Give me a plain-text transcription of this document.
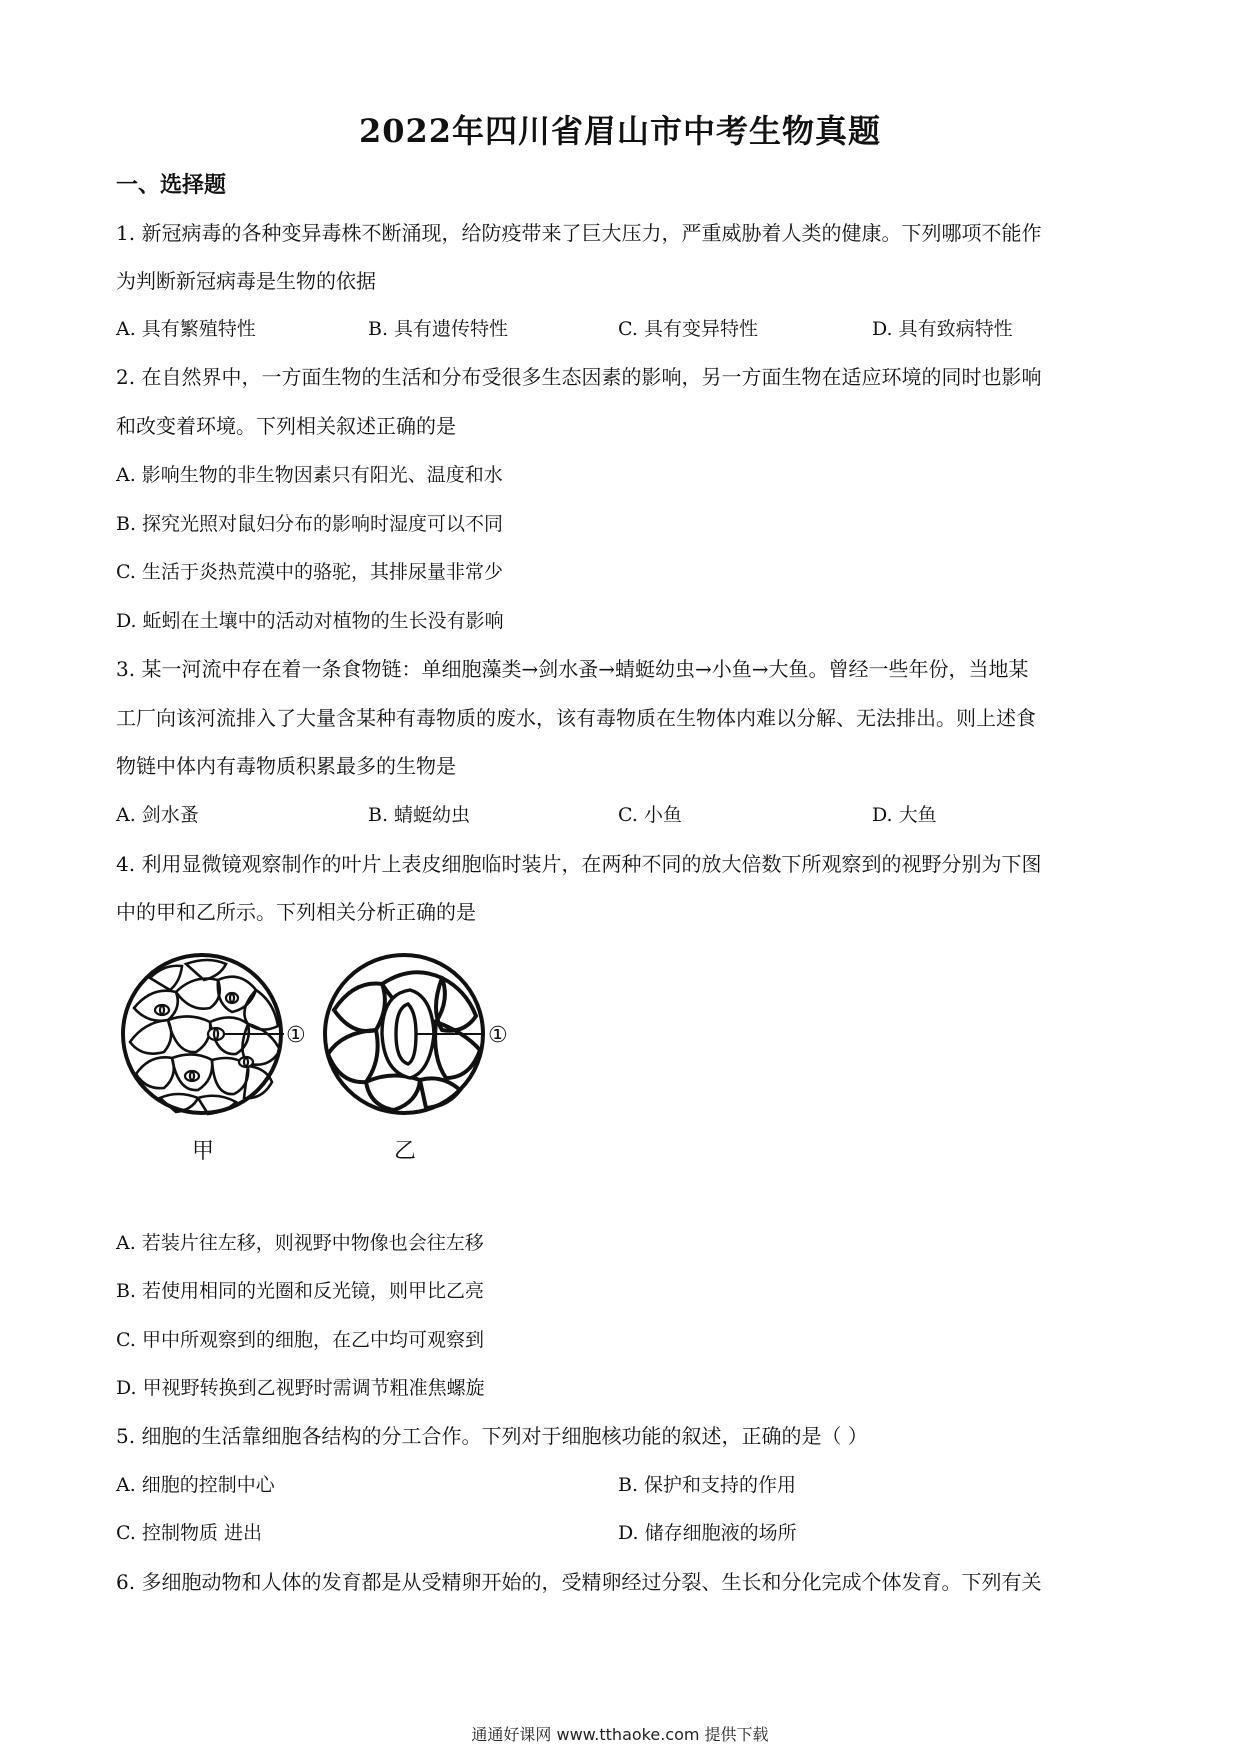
2022年四川省眉山市中考生物真题
一、选择题
1. 新冠病毒的各种变异毒株不断涌现，给防疫带来了巨大压力，严重威胁着人类的健康。下列哪项不能作
为判断新冠病毒是生物的依据
A. 具有繁殖特性	B. 具有遗传特性	C. 具有变异特性	D. 具有致病特性
2. 在自然界中，一方面生物的生活和分布受很多生态因素的影响，另一方面生物在适应环境的同时也影响
和改变着环境。下列相关叙述正确的是
A. 影响生物的非生物因素只有阳光、温度和水
B. 探究光照对鼠妇分布的影响时湿度可以不同
C. 生活于炎热荒漠中的骆驼，其排尿量非常少
D. 蚯蚓在土壤中的活动对植物的生长没有影响
3. 某一河流中存在着一条食物链：单细胞藻类→剑水蚤→蜻蜓幼虫→小鱼→大鱼。曾经一些年份，当地某
工厂向该河流排入了大量含某种有毒物质的废水，该有毒物质在生物体内难以分解、无法排出。则上述食
物链中体内有毒物质积累最多的生物是
A. 剑水蚤	B. 蜻蜓幼虫	C. 小鱼	D. 大鱼
4. 利用显微镜观察制作的叶片上表皮细胞临时装片，在两种不同的放大倍数下所观察到的视野分别为下图
中的甲和乙所示。下列相关分析正确的是
①	①
甲	乙
A. 若装片往左移，则视野中物像也会往左移
B. 若使用相同的光圈和反光镜，则甲比乙亮
C. 甲中所观察到的细胞，在乙中均可观察到
D. 甲视野转换到乙视野时需调节粗准焦螺旋
5. 细胞的生活靠细胞各结构的分工合作。下列对于细胞核功能的叙述，正确的是（ ）
A. 细胞的控制中心	B. 保护和支持的作用
C. 控制物质 进出	D. 储存细胞液的场所
6. 多细胞动物和人体的发育都是从受精卵开始的，受精卵经过分裂、生长和分化完成个体发育。下列有关
通通好课网 www.tthaoke.com 提供下载
